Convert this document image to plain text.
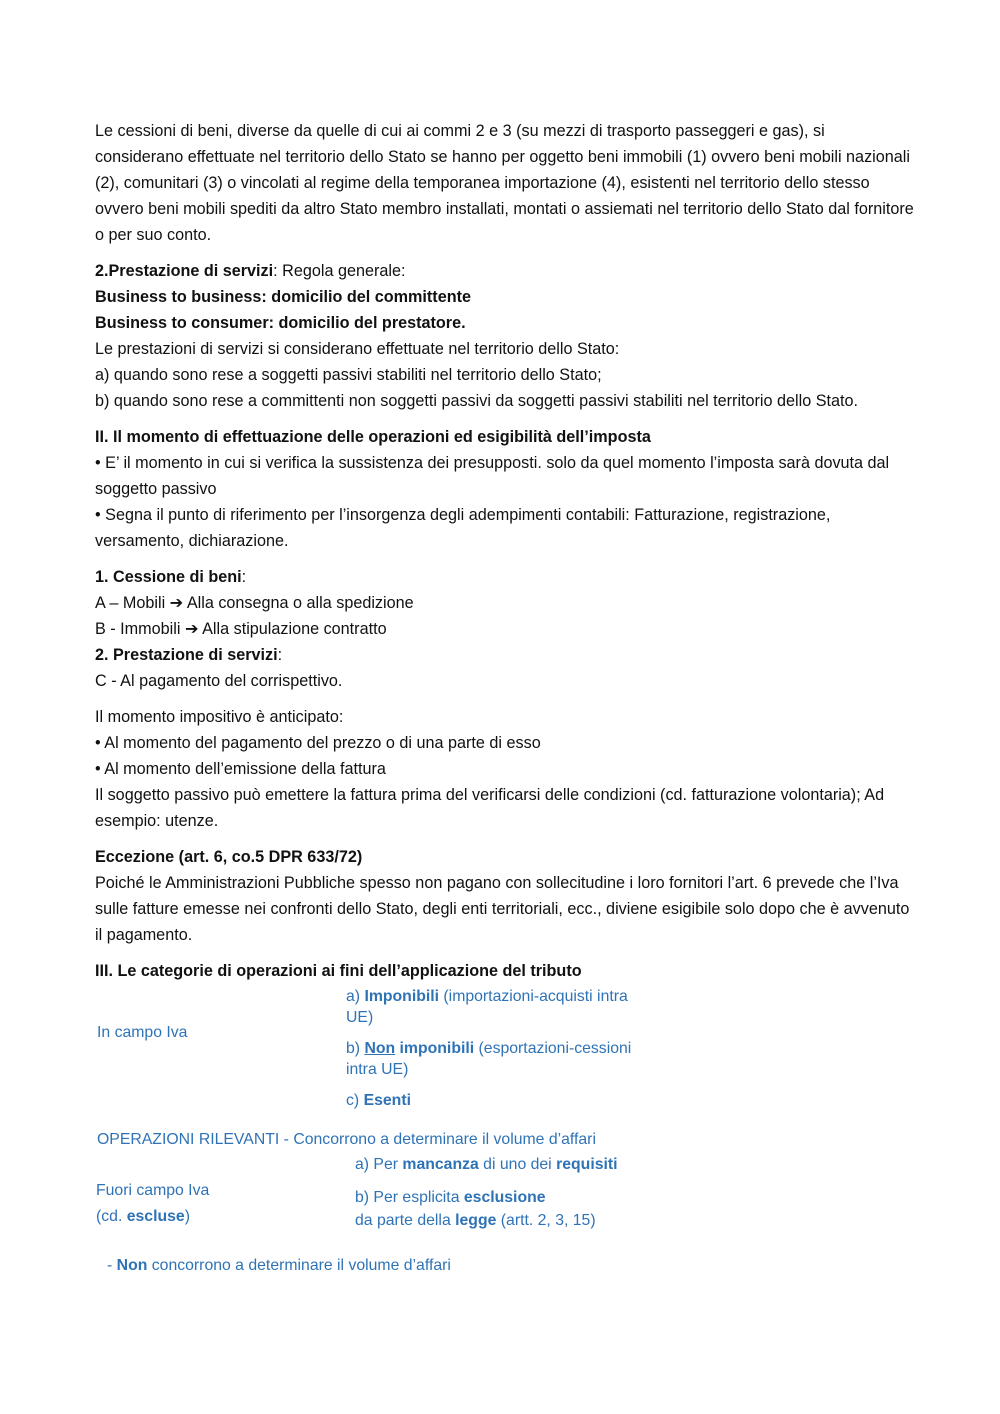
Le cessioni di beni, diverse da quelle di cui ai commi 2 e 3 (su mezzi di trasporto passeggeri e gas), si considerano effettuate nel territorio dello Stato se hanno per oggetto beni immobili (1) ovvero beni mobili nazionali (2), comunitari (3) o vincolati al regime della temporanea importazione (4), esistenti nel territorio dello stesso ovvero beni mobili spediti da altro Stato membro installati, montati o assiemati nel territorio dello Stato dal fornitore o per suo conto.

2.Prestazione di servizi: Regola generale:

Business to business: domicilio del committente

Business to consumer: domicilio del prestatore.

Le prestazioni di servizi si considerano effettuate nel territorio dello Stato:

a) quando sono rese a soggetti passivi stabiliti nel territorio dello Stato;

b) quando sono rese a committenti non soggetti passivi da soggetti passivi stabiliti nel territorio dello Stato.

II. Il momento di effettuazione delle operazioni ed esigibilità dell’imposta

• E’ il momento in cui si verifica la sussistenza dei presupposti. solo da quel momento l’imposta sarà dovuta dal soggetto passivo

• Segna il punto di riferimento per l’insorgenza degli adempimenti contabili: Fatturazione, registrazione, versamento, dichiarazione.

1. Cessione di beni:

A – Mobili ➔ Alla consegna o alla spedizione

B - Immobili ➔ Alla stipulazione contratto

2. Prestazione di servizi:

C - Al pagamento del corrispettivo.

Il momento impositivo è anticipato:

• Al momento del pagamento del prezzo o di una parte di esso

• Al momento dell’emissione della fattura

Il soggetto passivo può emettere la fattura prima del verificarsi delle condizioni (cd. fatturazione volontaria); Ad esempio: utenze.

Eccezione (art. 6, co.5 DPR 633/72)

Poiché le Amministrazioni Pubbliche spesso non pagano con sollecitudine i loro fornitori l’art. 6 prevede che l’Iva sulle fatture emesse nei confronti dello Stato, degli enti territoriali, ecc., diviene esigibile solo dopo che è avvenuto il pagamento.

III. Le categorie di operazioni ai fini dell’applicazione del tributo

In campo Iva
a) Imponibili (importazioni-acquisti intra
UE)
b) Non imponibili (esportazioni-cessioni
intra UE)
c) Esenti
OPERAZIONI RILEVANTI - Concorrono a determinare il volume d’affari
Fuori campo Iva
(cd. escluse)
a) Per mancanza di uno dei requisiti
b) Per esplicita esclusione
da parte della legge (artt. 2, 3, 15)
- Non concorrono a determinare il volume d’affari
